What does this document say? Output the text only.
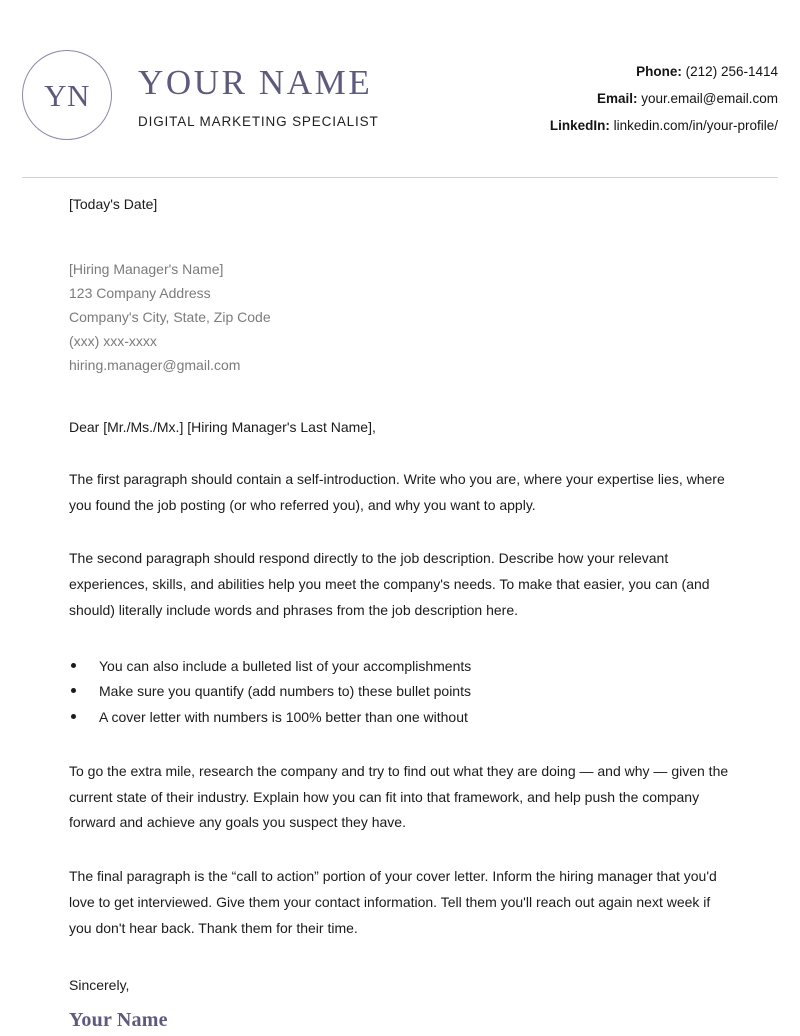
YN YOUR NAME
DIGITAL MARKETING SPECIALIST
Phone: (212) 256-1414
Email: your.email@email.com
LinkedIn: linkedin.com/in/your-profile/
[Today's Date]
[Hiring Manager's Name]
123 Company Address
Company's City, State, Zip Code
(xxx) xxx-xxxx
hiring.manager@gmail.com
Dear [Mr./Ms./Mx.] [Hiring Manager's Last Name],
The first paragraph should contain a self-introduction. Write who you are, where your expertise lies, where you found the job posting (or who referred you), and why you want to apply.
The second paragraph should respond directly to the job description. Describe how your relevant experiences, skills, and abilities help you meet the company's needs. To make that easier, you can (and should) literally include words and phrases from the job description here.
You can also include a bulleted list of your accomplishments
Make sure you quantify (add numbers to) these bullet points
A cover letter with numbers is 100% better than one without
To go the extra mile, research the company and try to find out what they are doing — and why — given the current state of their industry. Explain how you can fit into that framework, and help push the company forward and achieve any goals you suspect they have.
The final paragraph is the “call to action” portion of your cover letter. Inform the hiring manager that you'd love to get interviewed. Give them your contact information. Tell them you'll reach out again next week if you don't hear back. Thank them for their time.
Sincerely,
Your Name
